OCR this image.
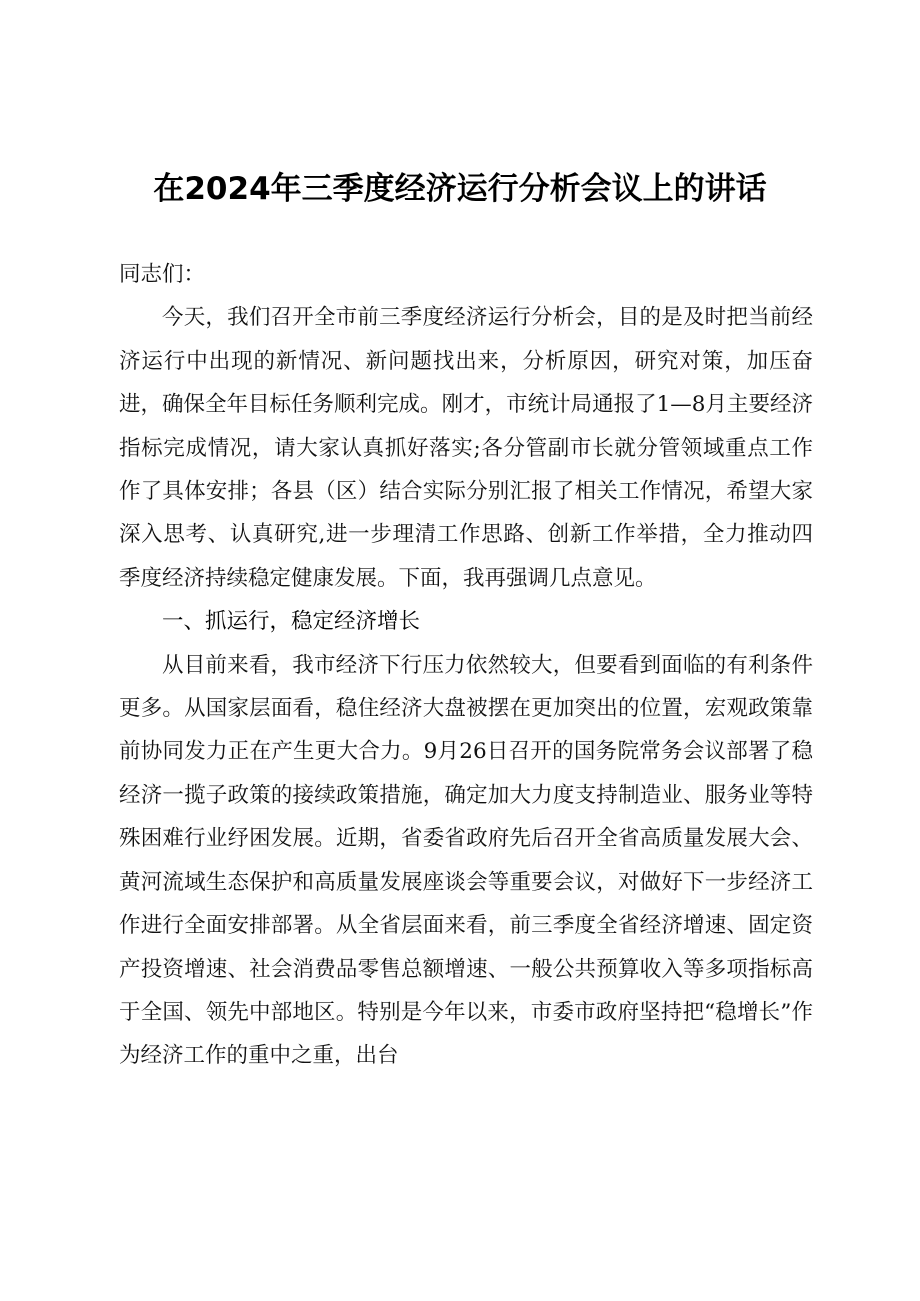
在2024年三季度经济运行分析会议上的讲话

同志们：

今天，我们召开全市前三季度经济运行分析会，目的是及时把当前经济运行中出现的新情况、新问题找出来，分析原因，研究对策，加压奋进，确保全年目标任务顺利完成。刚才，市统计局通报了1—8月主要经济指标完成情况，请大家认真抓好落实;各分管副市长就分管领域重点工作作了具体安排；各县（区）结合实际分别汇报了相关工作情况，希望大家深入思考、认真研究,进一步理清工作思路、创新工作举措，全力推动四季度经济持续稳定健康发展。下面，我再强调几点意见。

一、抓运行，稳定经济增长

从目前来看，我市经济下行压力依然较大，但要看到面临的有利条件更多。从国家层面看，稳住经济大盘被摆在更加突出的位置，宏观政策靠前协同发力正在产生更大合力。9月26日召开的国务院常务会议部署了稳经济一揽子政策的接续政策措施，确定加大力度支持制造业、服务业等特殊困难行业纾困发展。近期，省委省政府先后召开全省高质量发展大会、黄河流域生态保护和高质量发展座谈会等重要会议，对做好下一步经济工作进行全面安排部署。从全省层面来看，前三季度全省经济增速、固定资产投资增速、社会消费品零售总额增速、一般公共预算收入等多项指标高于全国、领先中部地区。特别是今年以来，市委市政府坚持把“稳增长”作为经济工作的重中之重，出台
